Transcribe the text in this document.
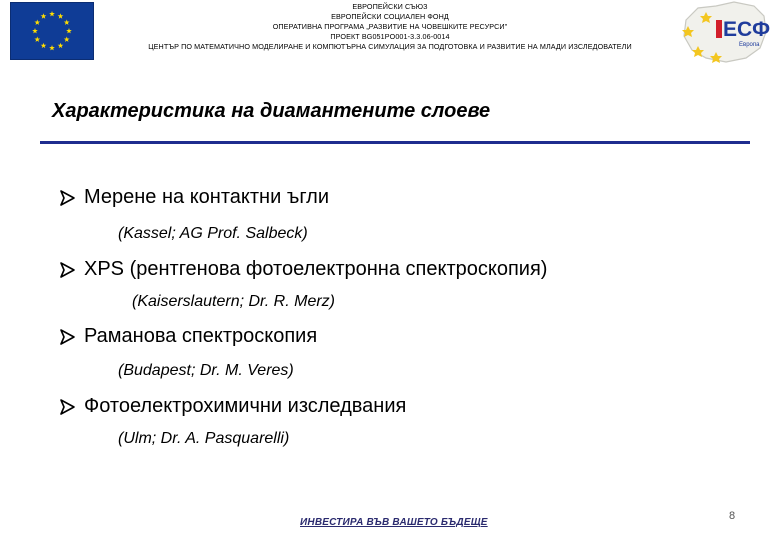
ЕВРОПЕЙСКИ СЪЮЗ
ЕВРОПЕЙСКИ СОЦИАЛЕН ФОНД
ОПЕРАТИВНА ПРОГРАМА „РАЗВИТИЕ НА ЧОВЕШКИТЕ РЕСУРСИ"
ПРОЕКТ BG051PO001-3.3.06-0014
ЦЕНТЪР ПО МАТЕМАТИЧНО МОДЕЛИРАНЕ И КОМПЮТЪРНА СИМУЛАЦИЯ ЗА ПОДГОТОВКА И РАЗВИТИЕ НА МЛАДИ ИЗСЛЕДОВАТЕЛИ
ЕСФ
Европа
Характеристика на диамантените слоеве
Мерене на контактни ъгли
(Kassel; AG Prof. Salbeck)
XPS (рентгенова фотоелектронна спектроскопия)
(Kaiserslautern; Dr. R. Merz)
Раманова спектроскопия
(Budapest; Dr. M. Veres)
Фотоелектрохимични изследвания
(Ulm; Dr. A. Pasquarelli)
ИНВЕСТИРА ВЪВ ВАШЕТО БЪДЕЩЕ
8
